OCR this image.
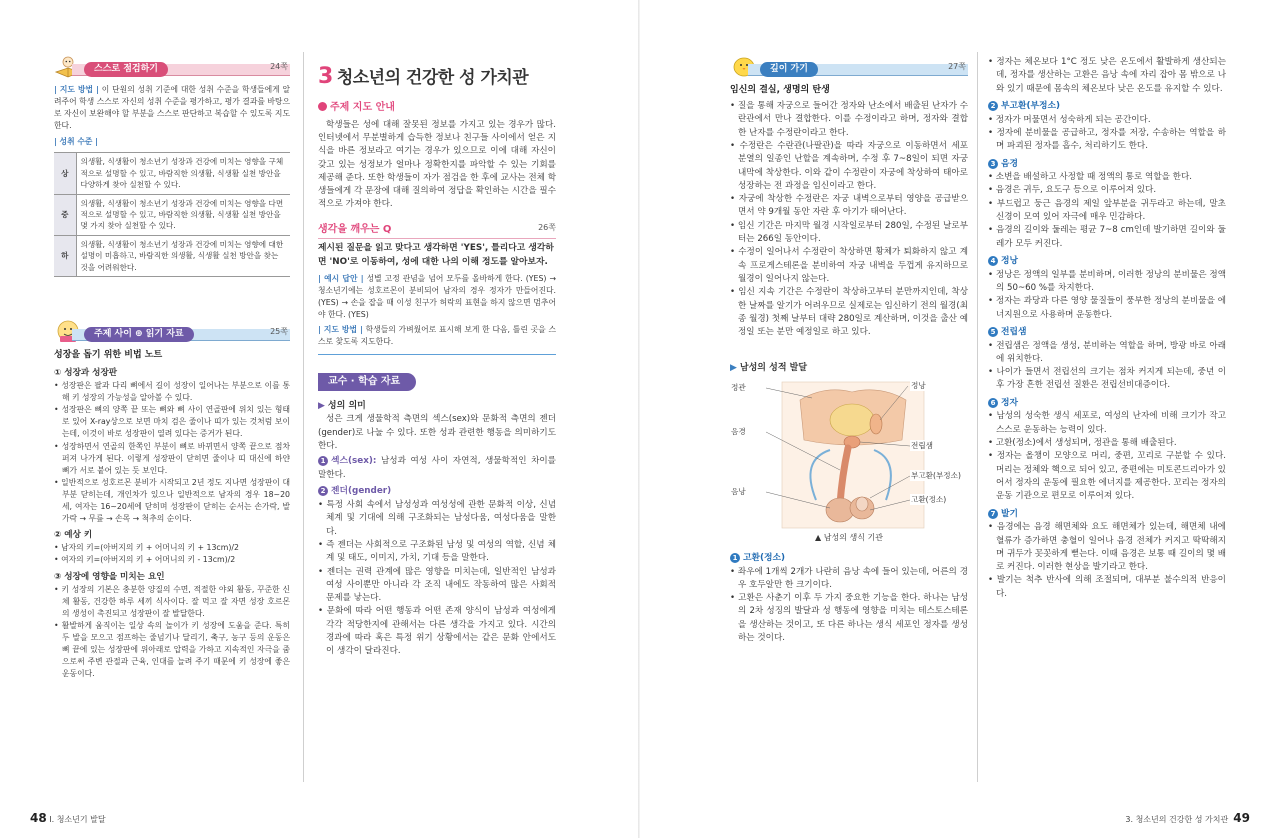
스스로 점검하기	24쪽
| 지도 방법 | 이 단원의 성취 기준에 대한 성취 수준을 학생들에게 알려주어 학생 스스로 자신의 성취 수준을 평가하고, 평가 결과를 바탕으로 자신이 보완해야 할 부분을 스스로 판단하고 복습할 수 있도록 지도한다.
| 성취 수준 |
상	의생활, 식생활이 청소년기 성장과 건강에 미치는 영향을 구체적으로 설명할 수 있고, 바람직한 의생활, 식생활 실천 방안을 다양하게 찾아 실천할 수 있다.
중	의생활, 식생활이 청소년기 성장과 건강에 미치는 영향을 다면적으로 설명할 수 있고, 바람직한 의생활, 식생활 실천 방안을 몇 가지 찾아 실천할 수 있다.
하	의생활, 식생활이 청소년기 성장과 건강에 미치는 영향에 대한 설명이 미흡하고, 바람직한 의생활, 식생활 실천 방안을 찾는 것을 어려워한다.
주제 사이 ⊕ 읽기 자료	25쪽
성장을 돕기 위한 비법 노트
① 성장과 성장판
• 성장판은 팔과 다리 뼈에서 길이 성장이 일어나는 부분으로 이를 통해 키 성장의 가능성을 알아볼 수 있다.
• 성장판은 뼈의 양쪽 끝 또는 뼈와 뼈 사이 연골판에 위치 있는 형태로 있어 X-ray상으로 보면 마치 검은 줄이나 띠가 있는 것처럼 보이는데, 이것이 바로 성장판이 열려 있다는 증거가 된다.
• 성장하면서 연골의 한쪽인 부분이 뼈로 바뀌면서 양쪽 끝으로 점차 퍼져 나가게 된다. 이렇게 성장판이 닫히면 줄이나 띠 대신에 하얀 뼈가 서로 붙어 있는 듯 보인다.
• 일반적으로 성호르몬 분비가 시작되고 2년 정도 지나면 성장판이 대부분 닫히는데, 개인차가 있으나 일반적으로 남자의 경우 18~20세, 여자는 16~20세에 닫히며 성장판이 닫히는 순서는 손가락, 발가락 → 무릎 → 손목 → 척추의 순이다.
② 예상 키
• 남자의 키=(아버지의 키 + 어머니의 키 + 13cm)/2
• 여자의 키=(아버지의 키 + 어머니의 키 - 13cm)/2
③ 성장에 영향을 미치는 요인
• 키 성장의 기본은 충분한 양질의 수면, 적절한 야외 활동, 꾸준한 신체 활동, 건강한 하루 세끼 식사이다. 잘 먹고 잘 자면 성장 호르몬의 생성이 촉진되고 성장판이 잘 발달한다.
• 활발하게 움직이는 일상 속의 놀이가 키 성장에 도움을 준다. 특히 두 발을 모으고 점프하는 줄넘기나 달리기, 축구, 농구 등의 운동은 뼈 끝에 있는 성장판에 위아래로 압력을 가하고 지속적인 자극을 줌으로써 주변 관절과 근육, 인대를 늘려 주기 때문에 키 성장에 좋은 운동이다.
3 청소년의 건강한 성 가치관
주제 지도 안내
학생들은 성에 대해 잘못된 정보를 가지고 있는 경우가 많다. 인터넷에서 무분별하게 습득한 정보나 친구들 사이에서 얻은 지식을 바른 정보라고 여기는 경우가 있으므로 이에 대해 자신이 갖고 있는 성정보가 얼마나 정확한지를 파악할 수 있는 기회를 제공해 준다. 또한 학생들이 자가 점검을 한 후에 교사는 전체 학생들에게 각 문장에 대해 질의하여 정답을 확인하는 시간을 필수적으로 가져야 한다.
생각을 깨우는 Q	26쪽
제시된 질문을 읽고 맞다고 생각하면 'YES', 틀리다고 생각하면 'NO'로 이동하여, 성에 대한 나의 이해 정도를 알아보자.
| 예시 답안 | 성별 고정 관념을 넘어 모두를 올바하게 한다. (YES) → 청소년기에는 성호르몬이 분비되어 남자의 경우 정자가 만들어진다. (YES) → 손을 잡을 때 이성 친구가 허락의 표현을 하지 않으면 멈추어야 한다. (YES)
| 지도 방법 | 학생들의 가벼웠어로 표시해 보게 한 다음, 틀린 곳을 스스로 찾도록 지도한다.
교수 · 학습 자료
▶ 성의 의미
성은 크게 생물학적 측면의 섹스(sex)와 문화적 측면의 젠더(gender)로 나눌 수 있다. 또한 성과 관련한 행동을 의미하기도 한다.
1 섹스(sex): 남성과 여성 사이 자연적, 생물학적인 차이를 말한다.
2 젠더(gender)
• 특정 사회 속에서 남성성과 여성성에 관한 문화적 이상, 신념 체계 및 기대에 의해 구조화되는 남성다움, 여성다움을 말한다.
• 즉 젠더는 사회적으로 구조화된 남성 및 여성의 역할, 신념 체계 및 태도, 이미지, 가치, 기대 등을 말한다.
• 젠더는 권력 관계에 많은 영향을 미치는데, 일반적인 남성과 여성 사이뿐만 아니라 각 조직 내에도 작동하여 많은 사회적 문제를 낳는다.
• 문화에 따라 어떤 행동과 어떤 존재 양식이 남성과 여성에게 각각 적당한지에 관해서는 다른 생각을 가지고 있다. 시간의 경과에 따라 혹은 특정 위기 상황에서는 같은 문화 안에서도 이 생각이 달라진다.
48 Ⅰ. 청소년기 발달
깊이 가기	27쪽
임신의 결실, 생명의 탄생
• 질을 통해 자궁으로 들어간 정자와 난소에서 배출된 난자가 수란관에서 만나 결합한다. 이를 수정이라고 하며, 정자와 결합한 난자를 수정란이라고 한다.
• 수정란은 수란관(나팔관)을 따라 자궁으로 이동하면서 세포 분열의 일종인 난할을 계속하며, 수정 후 7~8일이 되면 자궁 내막에 착상한다. 이와 같이 수정란이 자궁에 착상하여 태아로 성장하는 전 과정을 임신이라고 한다.
• 자궁에 착상한 수정란은 자궁 내벽으로부터 영양을 공급받으면서 약 9개월 동안 자란 후 아기가 태어난다.
• 임신 기간은 마지막 월경 시작일로부터 280일, 수정된 날로부터는 266일 동안이다.
• 수정이 일어나서 수정란이 착상하면 황체가 퇴화하지 않고 계속 프로게스테론을 분비하여 자궁 내벽을 두껍게 유지하므로 월경이 일어나지 않는다.
• 임신 지속 기간은 수정란이 착상하고부터 분만까지인데, 착상한 날짜를 알기가 어려우므로 실제로는 임신하기 전의 월경(최종 월경) 첫째 날부터 대략 280일로 계산하며, 이것을 출산 예정일 또는 분만 예정일로 하고 있다.
▶ 남성의 성적 발달
정관
음경
음낭
정낭
전립샘
부고환(부정소)
고환(정소)
▲ 남성의 생식 기관
1 고환(정소)
• 좌우에 1개씩 2개가 나란히 음낭 속에 들어 있는데, 어른의 경우 호두알만 한 크기이다.
• 고환은 사춘기 이후 두 가지 중요한 기능을 한다. 하나는 남성의 2차 성징의 발달과 성 행동에 영향을 미치는 테스토스테론을 생산하는 것이고, 또 다른 하나는 생식 세포인 정자를 생성하는 것이다.
• 정자는 체온보다 1°C 정도 낮은 온도에서 활발하게 생산되는데, 정자를 생산하는 고환은 음낭 속에 자리 잡아 몸 밖으로 나와 있기 때문에 몸속의 체온보다 낮은 온도를 유지할 수 있다.
2 부고환(부정소)
• 정자가 머물면서 성숙하게 되는 공간이다.
• 정자에 분비물을 공급하고, 정자를 저장, 수송하는 역할을 하며 파괴된 정자를 흡수, 처리하기도 한다.
3 음경
• 소변을 배설하고 사정할 때 정액의 통로 역할을 한다.
• 음경은 귀두, 요도구 등으로 이루어져 있다.
• 부드럽고 둥근 음경의 제일 앞부분을 귀두라고 하는데, 말초 신경이 모여 있어 자극에 매우 민감하다.
• 음경의 길이와 둘레는 평균 7~8 cm인데 발기하면 길이와 둘레가 모두 커진다.
4 정낭
• 정낭은 정액의 일부를 분비하며, 이러한 정낭의 분비물은 정액의 50~60 %를 차지한다.
• 정자는 과당과 다른 영양 물질들이 풍부한 정낭의 분비물을 에너지원으로 사용하며 운동한다.
5 전립샘
• 전립샘은 정액을 생성, 분비하는 역할을 하며, 방광 바로 아래에 위치한다.
• 나이가 들면서 전립선의 크기는 점차 커지게 되는데, 중년 이후 가장 흔한 전립선 질환은 전립선비대증이다.
6 정자
• 남성의 성숙한 생식 세포로, 여성의 난자에 비해 크기가 작고 스스로 운동하는 능력이 있다.
• 고환(정소)에서 생성되며, 정관을 통해 배출된다.
• 정자는 올챙이 모양으로 머리, 중편, 꼬리로 구분할 수 있다. 머리는 정체와 핵으로 되어 있고, 중편에는 미토콘드리아가 있어서 정자의 운동에 필요한 에너지를 제공한다. 꼬리는 정자의 운동 기관으로 편모로 이루어져 있다.
7 발기
• 음경에는 음경 해면체와 요도 해면체가 있는데, 해면체 내에 혈류가 증가하면 충혈이 일어나 음경 전체가 커지고 딱딱해지며 귀두가 꼿꼿하게 뻗는다. 이때 음경은 보통 때 길이의 몇 배로 커진다. 이러한 현상을 발기라고 한다.
• 발기는 척추 반사에 의해 조절되며, 대부분 불수의적 반응이다.
3. 청소년의 건강한 성 가치관 49
